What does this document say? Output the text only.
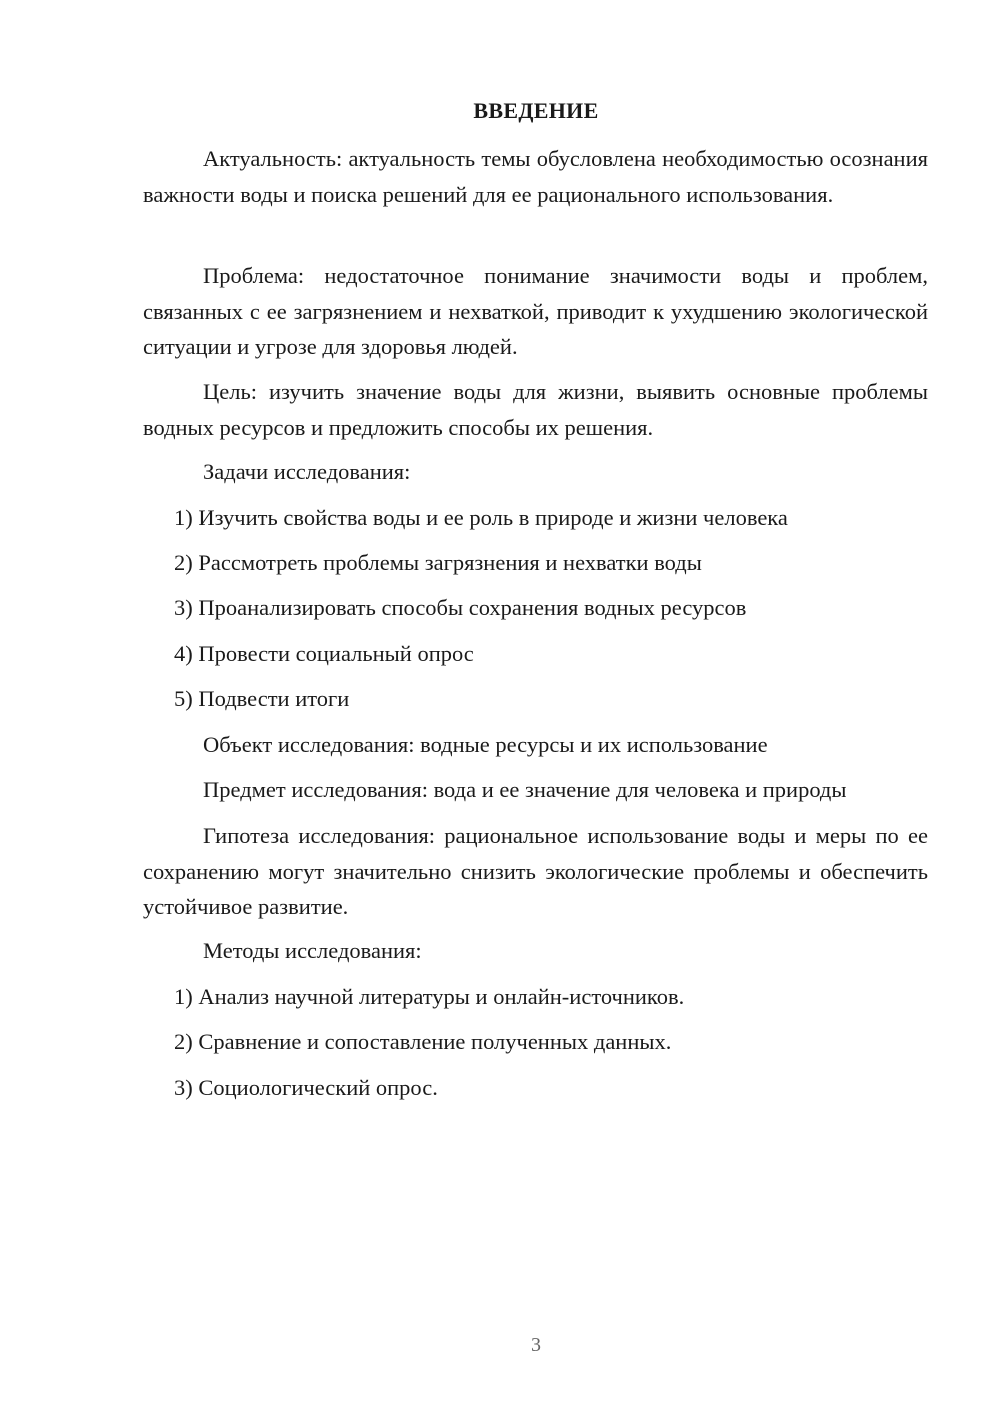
ВВЕДЕНИЕ

Актуальность: актуальность темы обусловлена необходимостью осознания важности воды и поиска решений для ее рационального использования.

Проблема: недостаточное понимание значимости воды и проблем, связанных с ее загрязнением и нехваткой, приводит к ухудшению экологической ситуации и угрозе для здоровья людей.

Цель: изучить значение воды для жизни, выявить основные проблемы водных ресурсов и предложить способы их решения.

Задачи исследования:
1) Изучить свойства воды и ее роль в природе и жизни человека
2) Рассмотреть проблемы загрязнения и нехватки воды
3) Проанализировать способы сохранения водных ресурсов
4) Провести социальный опрос
5) Подвести итоги
Объект исследования: водные ресурсы и их использование
Предмет исследования: вода и ее значение для человека и природы

Гипотеза исследования: рациональное использование воды и меры по ее сохранению могут значительно снизить экологические проблемы и обеспечить устойчивое развитие.

Методы исследования:
1) Анализ научной литературы и онлайн-источников.
2) Сравнение и сопоставление полученных данных.
3) Социологический опрос.
3
